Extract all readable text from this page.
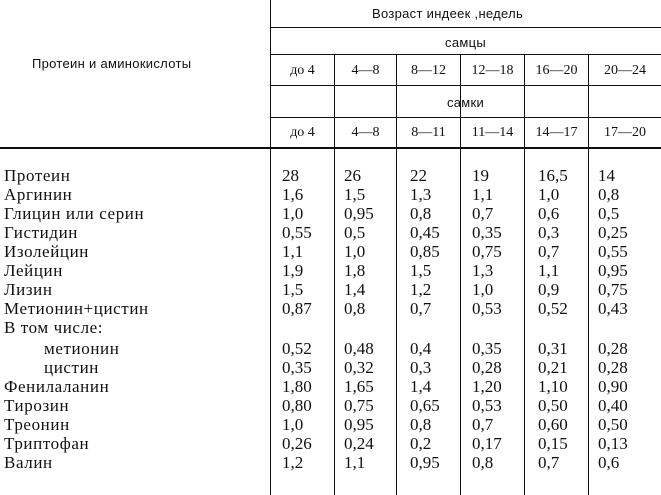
Протеин и аминокислоты
Возраст индеек ,недель
самцы
самки
до 4	4—8	8—12	12—18	16—20	20—24
до 4	4—8	8—11	11—14	14—17	17—20
Протеин	28	26	22	19	16,5 14
Аргинин	1,6 1,5	1,3 1,1	1,0 0,8
Глицин или серин	1,0 0,95 0,8 0,7	0,6 0,5
Гистидин	0,55 0,5	0,45 0,35 0,3 0,25
Изолейцин	1,1 1,0	0,85 0,75 0,7 0,55
Лейцин	1,9 1,8	1,5 1,3	1,1 0,95
Лизин	1,5 1,4	1,2 1,0	0,9 0,75
Метионин+цистин	0,87 0,8	0,7 0,53 0,52 0,43
В том числе:
метионин	0,52 0,48 0,4 0,35 0,31 0,28
цистин	0,35 0,32 0,3 0,28 0,21 0,28
Фенилаланин	1,80 1,65 1,4 1,20 1,10 0,90
Тирозин	0,80 0,75 0,65 0,53 0,50 0,40
Треонин	1,0 0,95 0,8 0,7	0,60 0,50
Триптофан	0,26 0,24 0,2 0,17 0,15 0,13
Валин	1,2 1,1	0,95 0,8	0,7 0,6
